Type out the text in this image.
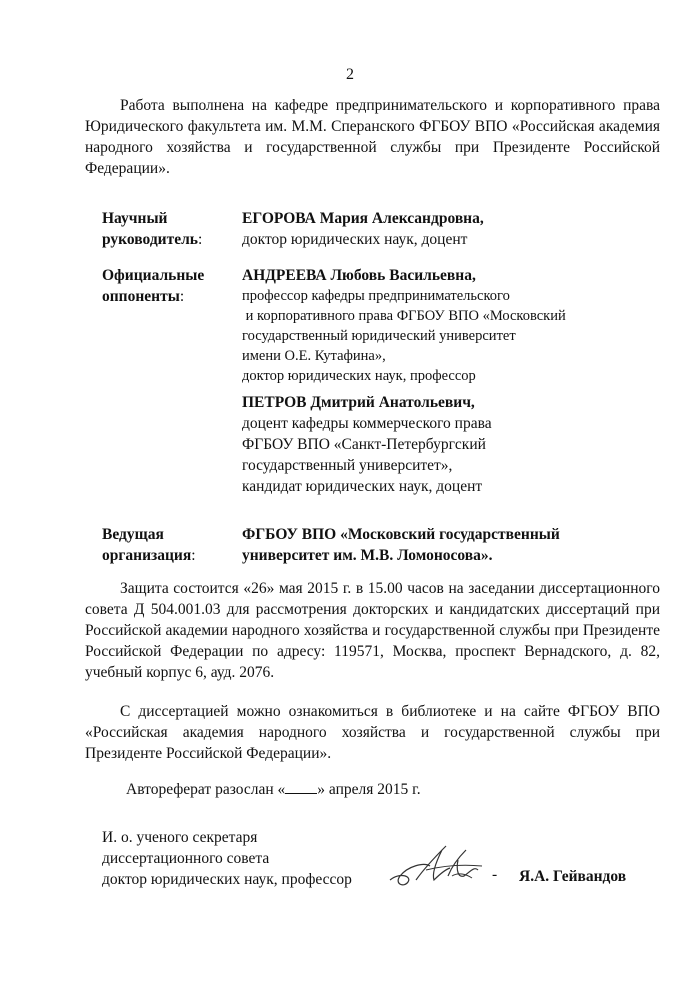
2
Работа выполнена на кафедре предпринимательского и корпоративного права Юридического факультета им. М.М. Сперанского ФГБОУ ВПО «Российская академия народного хозяйства и государственной службы при Президенте Российской Федерации».
Научный
руководитель:
ЕГОРОВА Мария Александровна,
доктор юридических наук, доцент
Официальные
оппоненты:
АНДРЕЕВА Любовь Васильевна,
профессор кафедры предпринимательского
и корпоративного права ФГБОУ ВПО «Московский
государственный юридический университет
имени О.Е. Кутафина»,
доктор юридических наук, профессор
ПЕТРОВ Дмитрий Анатольевич,
доцент кафедры коммерческого права
ФГБОУ ВПО «Санкт-Петербургский
государственный университет»,
кандидат юридических наук, доцент
Ведущая
организация:
ФГБОУ ВПО «Московский государственный
университет им. М.В. Ломоносова».
Защита состоится «26» мая 2015 г. в 15.00 часов на заседании диссертационного совета Д 504.001.03 для рассмотрения докторских и кандидатских диссертаций при Российской академии народного хозяйства и государственной службы при Президенте Российской Федерации по адресу: 119571, Москва, проспект Вернадского, д. 82, учебный корпус 6, ауд. 2076.
С диссертацией можно ознакомиться в библиотеке и на сайте ФГБОУ ВПО «Российская академия народного хозяйства и государственной службы при Президенте Российской Федерации».
Автореферат разослан « » апреля 2015 г.
И. о. ученого секретаря
диссертационного совета
доктор юридических наук, профессор	- Я.А. Гейвандов
